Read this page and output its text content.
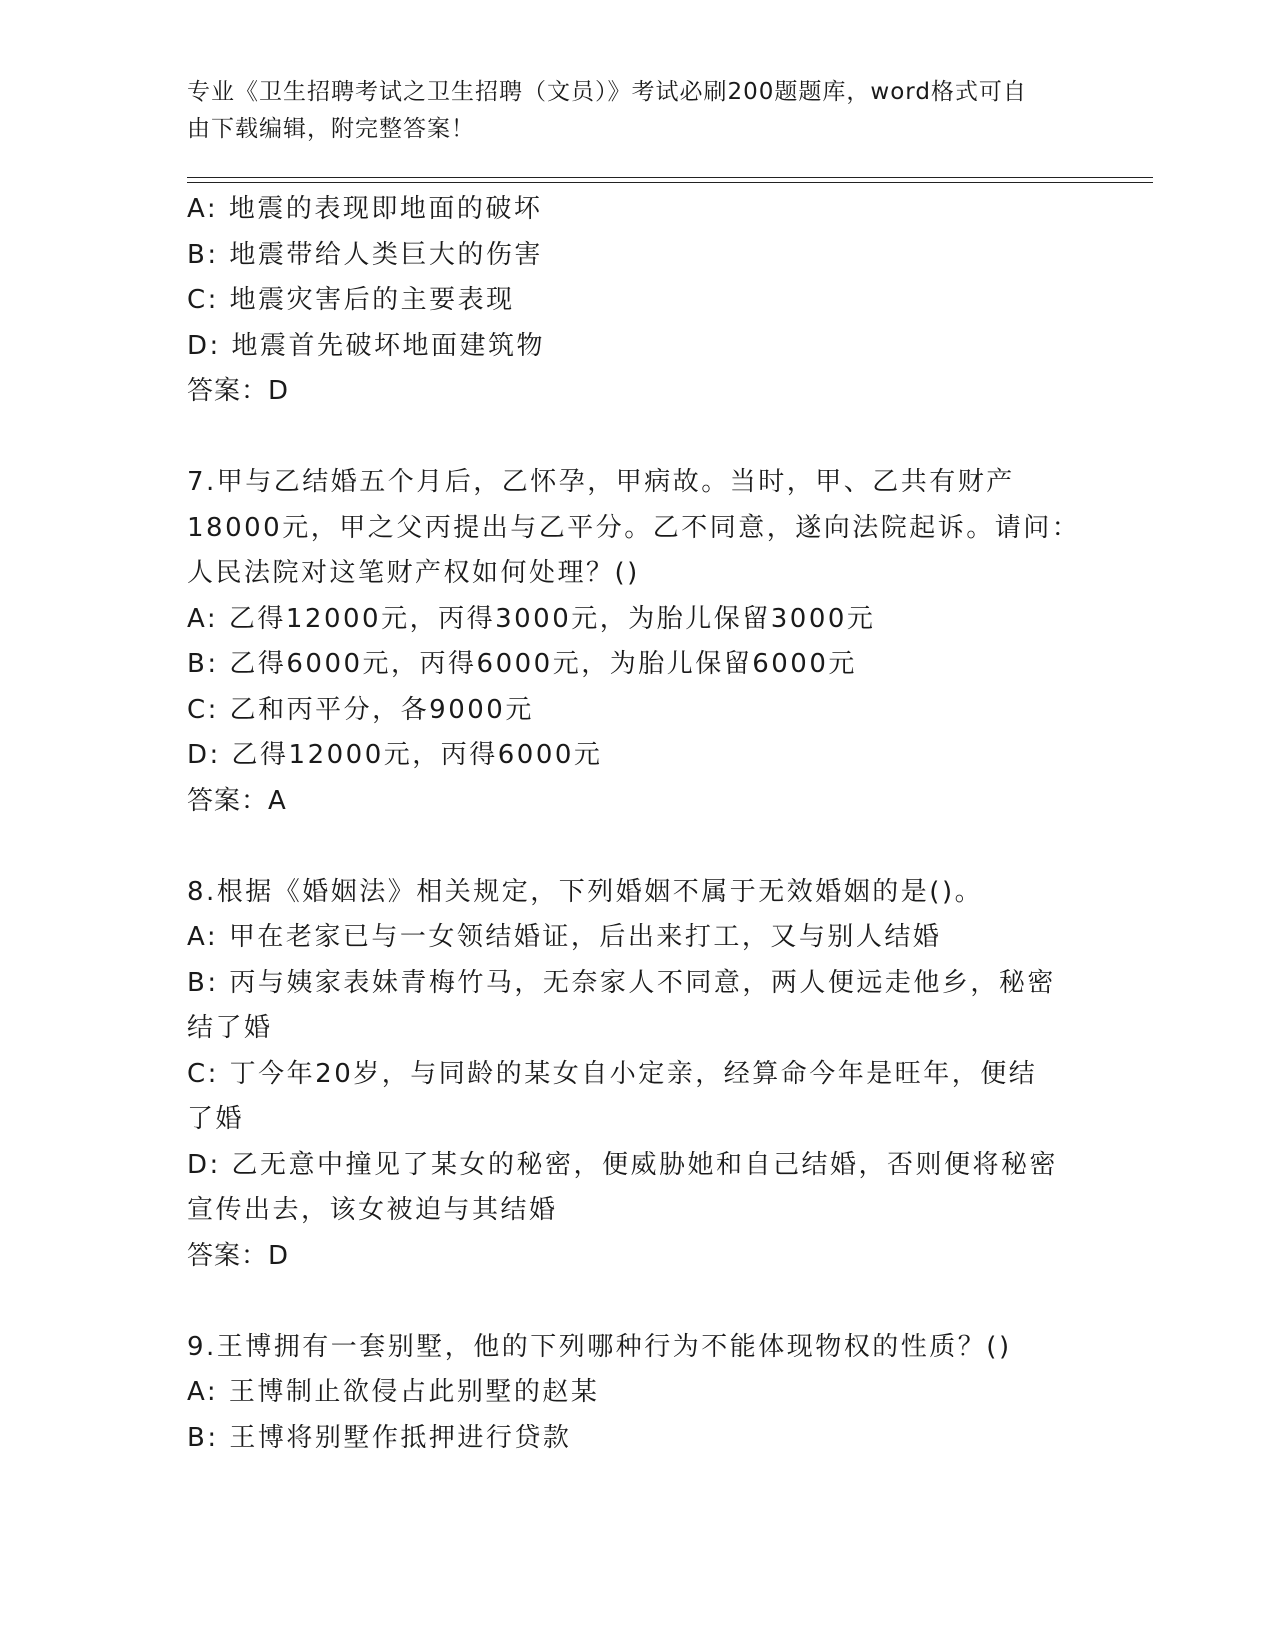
专业《卫生招聘考试之卫生招聘（文员）》考试必刷200题题库，word格式可自
由下载编辑，附完整答案！
A: 地震的表现即地面的破坏
B: 地震带给人类巨大的伤害
C: 地震灾害后的主要表现
D: 地震首先破坏地面建筑物
答案：D
7.甲与乙结婚五个月后，乙怀孕，甲病故。当时，甲、乙共有财产
18000元，甲之父丙提出与乙平分。乙不同意，遂向法院起诉。请问：
人民法院对这笔财产权如何处理？()
A: 乙得12000元，丙得3000元，为胎儿保留3000元
B: 乙得6000元，丙得6000元，为胎儿保留6000元
C: 乙和丙平分，各9000元
D: 乙得12000元，丙得6000元
答案：A
8.根据《婚姻法》相关规定，下列婚姻不属于无效婚姻的是()。
A: 甲在老家已与一女领结婚证，后出来打工，又与别人结婚
B: 丙与姨家表妹青梅竹马，无奈家人不同意，两人便远走他乡，秘密
结了婚
C: 丁今年20岁，与同龄的某女自小定亲，经算命今年是旺年，便结
了婚
D: 乙无意中撞见了某女的秘密，便威胁她和自己结婚，否则便将秘密
宣传出去，该女被迫与其结婚
答案：D
9.王博拥有一套别墅，他的下列哪种行为不能体现物权的性质？()
A: 王博制止欲侵占此别墅的赵某
B: 王博将别墅作抵押进行贷款
